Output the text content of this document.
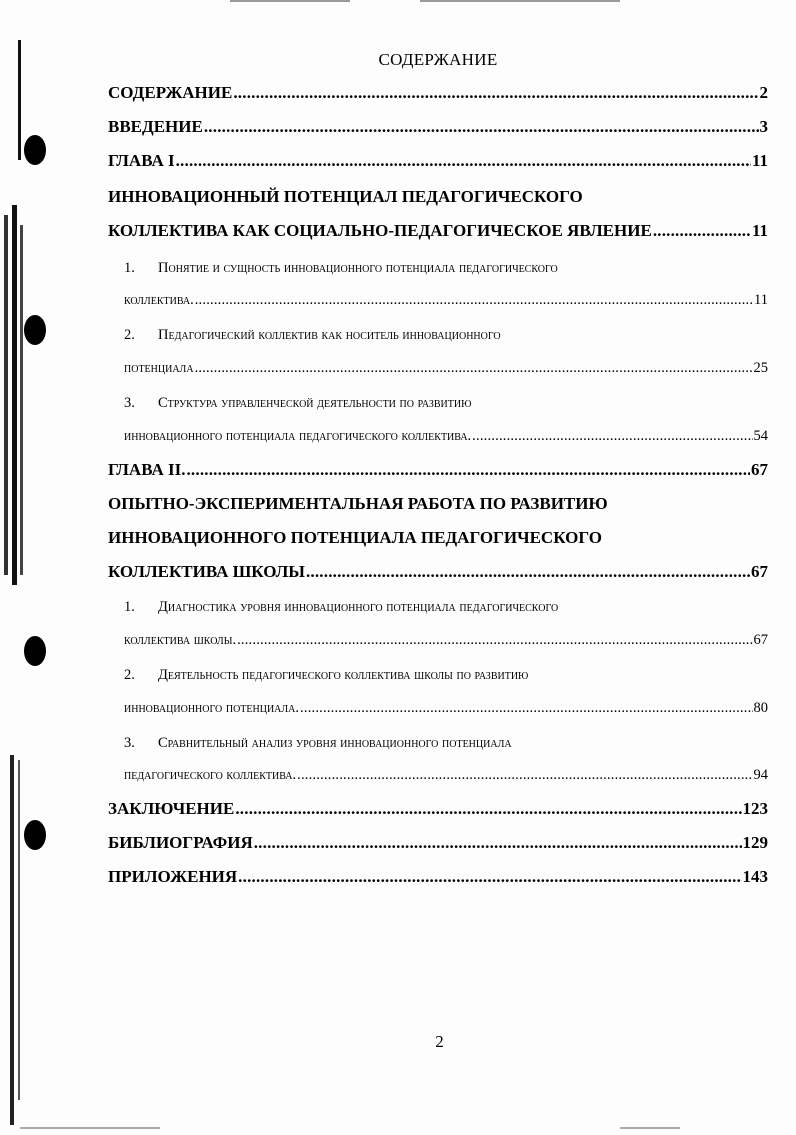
СОДЕРЖАНИЕ
СОДЕРЖАНИЕ .....	2
ВВЕДЕНИЕ .....	3
ГЛАВА I .....	11
ИННОВАЦИОННЫЙ ПОТЕНЦИАЛ ПЕДАГОГИЧЕСКОГО
КОЛЛЕКТИВА КАК СОЦИАЛЬНО-ПЕДАГОГИЧЕСКОЕ ЯВЛЕНИЕ .....	11
1. Понятие и сущность инновационного потенциала педагогического
коллектива. .....	11
2. Педагогический коллектив как носитель инновационного
потенциала .....	25
3. Структура управленческой деятельности по развитию
инновационного потенциала педагогического коллектива. .....	54
ГЛАВА II. .....	67
ОПЫТНО-ЭКСПЕРИМЕНТАЛЬНАЯ РАБОТА ПО РАЗВИТИЮ
ИННОВАЦИОННОГО ПОТЕНЦИАЛА ПЕДАГОГИЧЕСКОГО
КОЛЛЕКТИВА ШКОЛЫ .....	67
1. Диагностика уровня инновационного потенциала педагогического
коллектива школы. .....	67
2. Деятельность педагогического коллектива школы по развитию
инновационного потенциала. .....	80
3. Сравнительный анализ уровня инновационного потенциала
педагогического коллектива. .....	94
ЗАКЛЮЧЕНИЕ .....	123
БИБЛИОГРАФИЯ .....	129
ПРИЛОЖЕНИЯ .....	143
2
